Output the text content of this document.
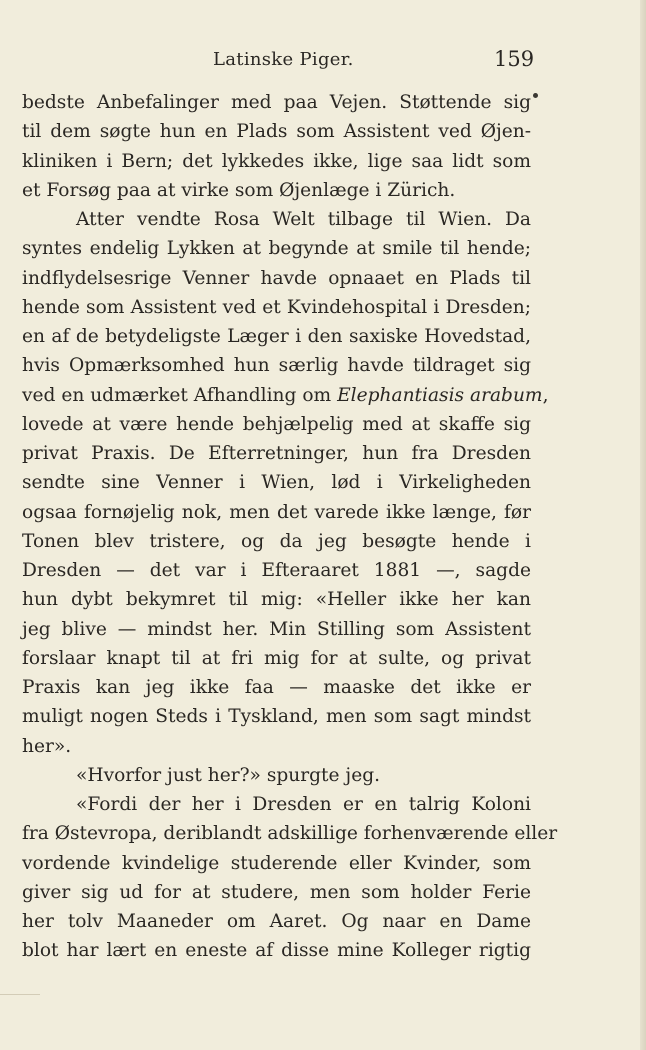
Latinske Piger.	159
bedste Anbefalinger med paa Vejen. Støttende sig
til dem søgte hun en Plads som Assistent ved Øjen-
kliniken i Bern; det lykkedes ikke, lige saa lidt som
et Forsøg paa at virke som Øjenlæge i Zürich.
Atter vendte Rosa Welt tilbage til Wien. Da
syntes endelig Lykken at begynde at smile til hende;
indflydelsesrige Venner havde opnaaet en Plads til
hende som Assistent ved et Kvindehospital i Dresden;
en af de betydeligste Læger i den saxiske Hovedstad,
hvis Opmærksomhed hun særlig havde tildraget sig
ved en udmærket Afhandling om Elephantiasis arabum,
lovede at være hende behjælpelig med at skaffe sig
privat Praxis. De Efterretninger, hun fra Dresden
sendte sine Venner i Wien, lød i Virkeligheden
ogsaa fornøjelig nok, men det varede ikke længe, før
Tonen blev tristere, og da jeg besøgte hende i
Dresden — det var i Efteraaret 1881 —, sagde
hun dybt bekymret til mig: «Heller ikke her kan
jeg blive — mindst her. Min Stilling som Assistent
forslaar knapt til at fri mig for at sulte, og privat
Praxis kan jeg ikke faa — maaske det ikke er
muligt nogen Steds i Tyskland, men som sagt mindst
her».
«Hvorfor just her?» spurgte jeg.
«Fordi der her i Dresden er en talrig Koloni
fra Østevropa, deriblandt adskillige forhenværende eller
vordende kvindelige studerende eller Kvinder, som
giver sig ud for at studere, men som holder Ferie
her tolv Maaneder om Aaret. Og naar en Dame
blot har lært en eneste af disse mine Kolleger rigtig
